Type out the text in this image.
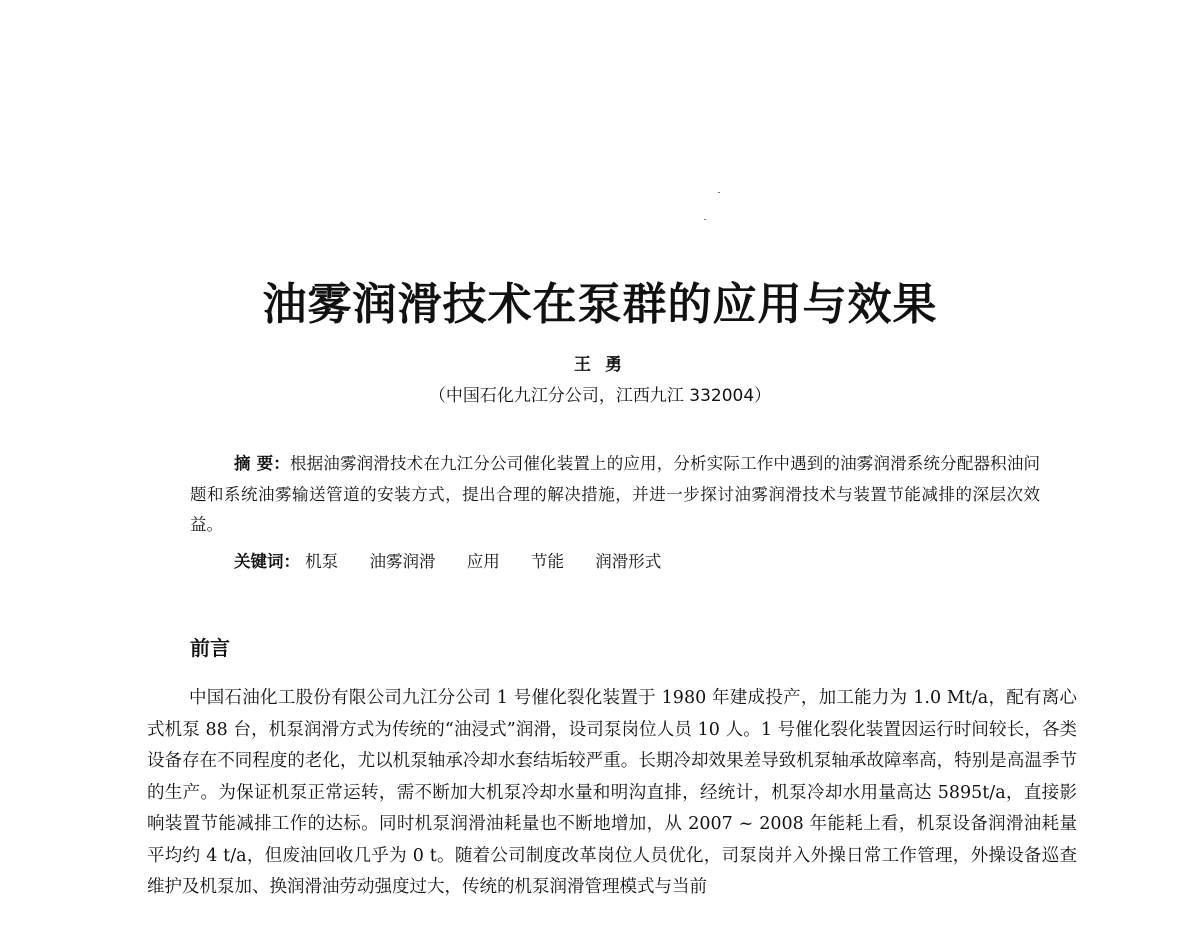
油雾润滑技术在泵群的应用与效果
王 勇
（中国石化九江分公司，江西九江 332004）
摘 要：根据油雾润滑技术在九江分公司催化装置上的应用，分析实际工作中遇到的油雾润滑系统分配器积油问题和系统油雾输送管道的安装方式，提出合理的解决措施，并进一步探讨油雾润滑技术与装置节能减排的深层次效益。
关键词： 机泵 油雾润滑 应用 节能 润滑形式
前言
中国石油化工股份有限公司九江分公司 1 号催化裂化装置于 1980 年建成投产，加工能力为 1.0 Mt/a，配有离心式机泵 88 台，机泵润滑方式为传统的“油浸式”润滑，设司泵岗位人员 10 人。1 号催化裂化装置因运行时间较长，各类设备存在不同程度的老化，尤以机泵轴承冷却水套结垢较严重。长期冷却效果差导致机泵轴承故障率高，特别是高温季节的生产。为保证机泵正常运转，需不断加大机泵冷却水量和明沟直排，经统计，机泵冷却水用量高达 5895t/a，直接影响装置节能减排工作的达标。同时机泵润滑油耗量也不断地增加，从 2007 ~ 2008 年能耗上看，机泵设备润滑油耗量平均约 4 t/a，但废油回收几乎为 0 t。随着公司制度改革岗位人员优化，司泵岗并入外操日常工作管理，外操设备巡查维护及机泵加、换润滑油劳动强度过大，传统的机泵润滑管理模式与当前
